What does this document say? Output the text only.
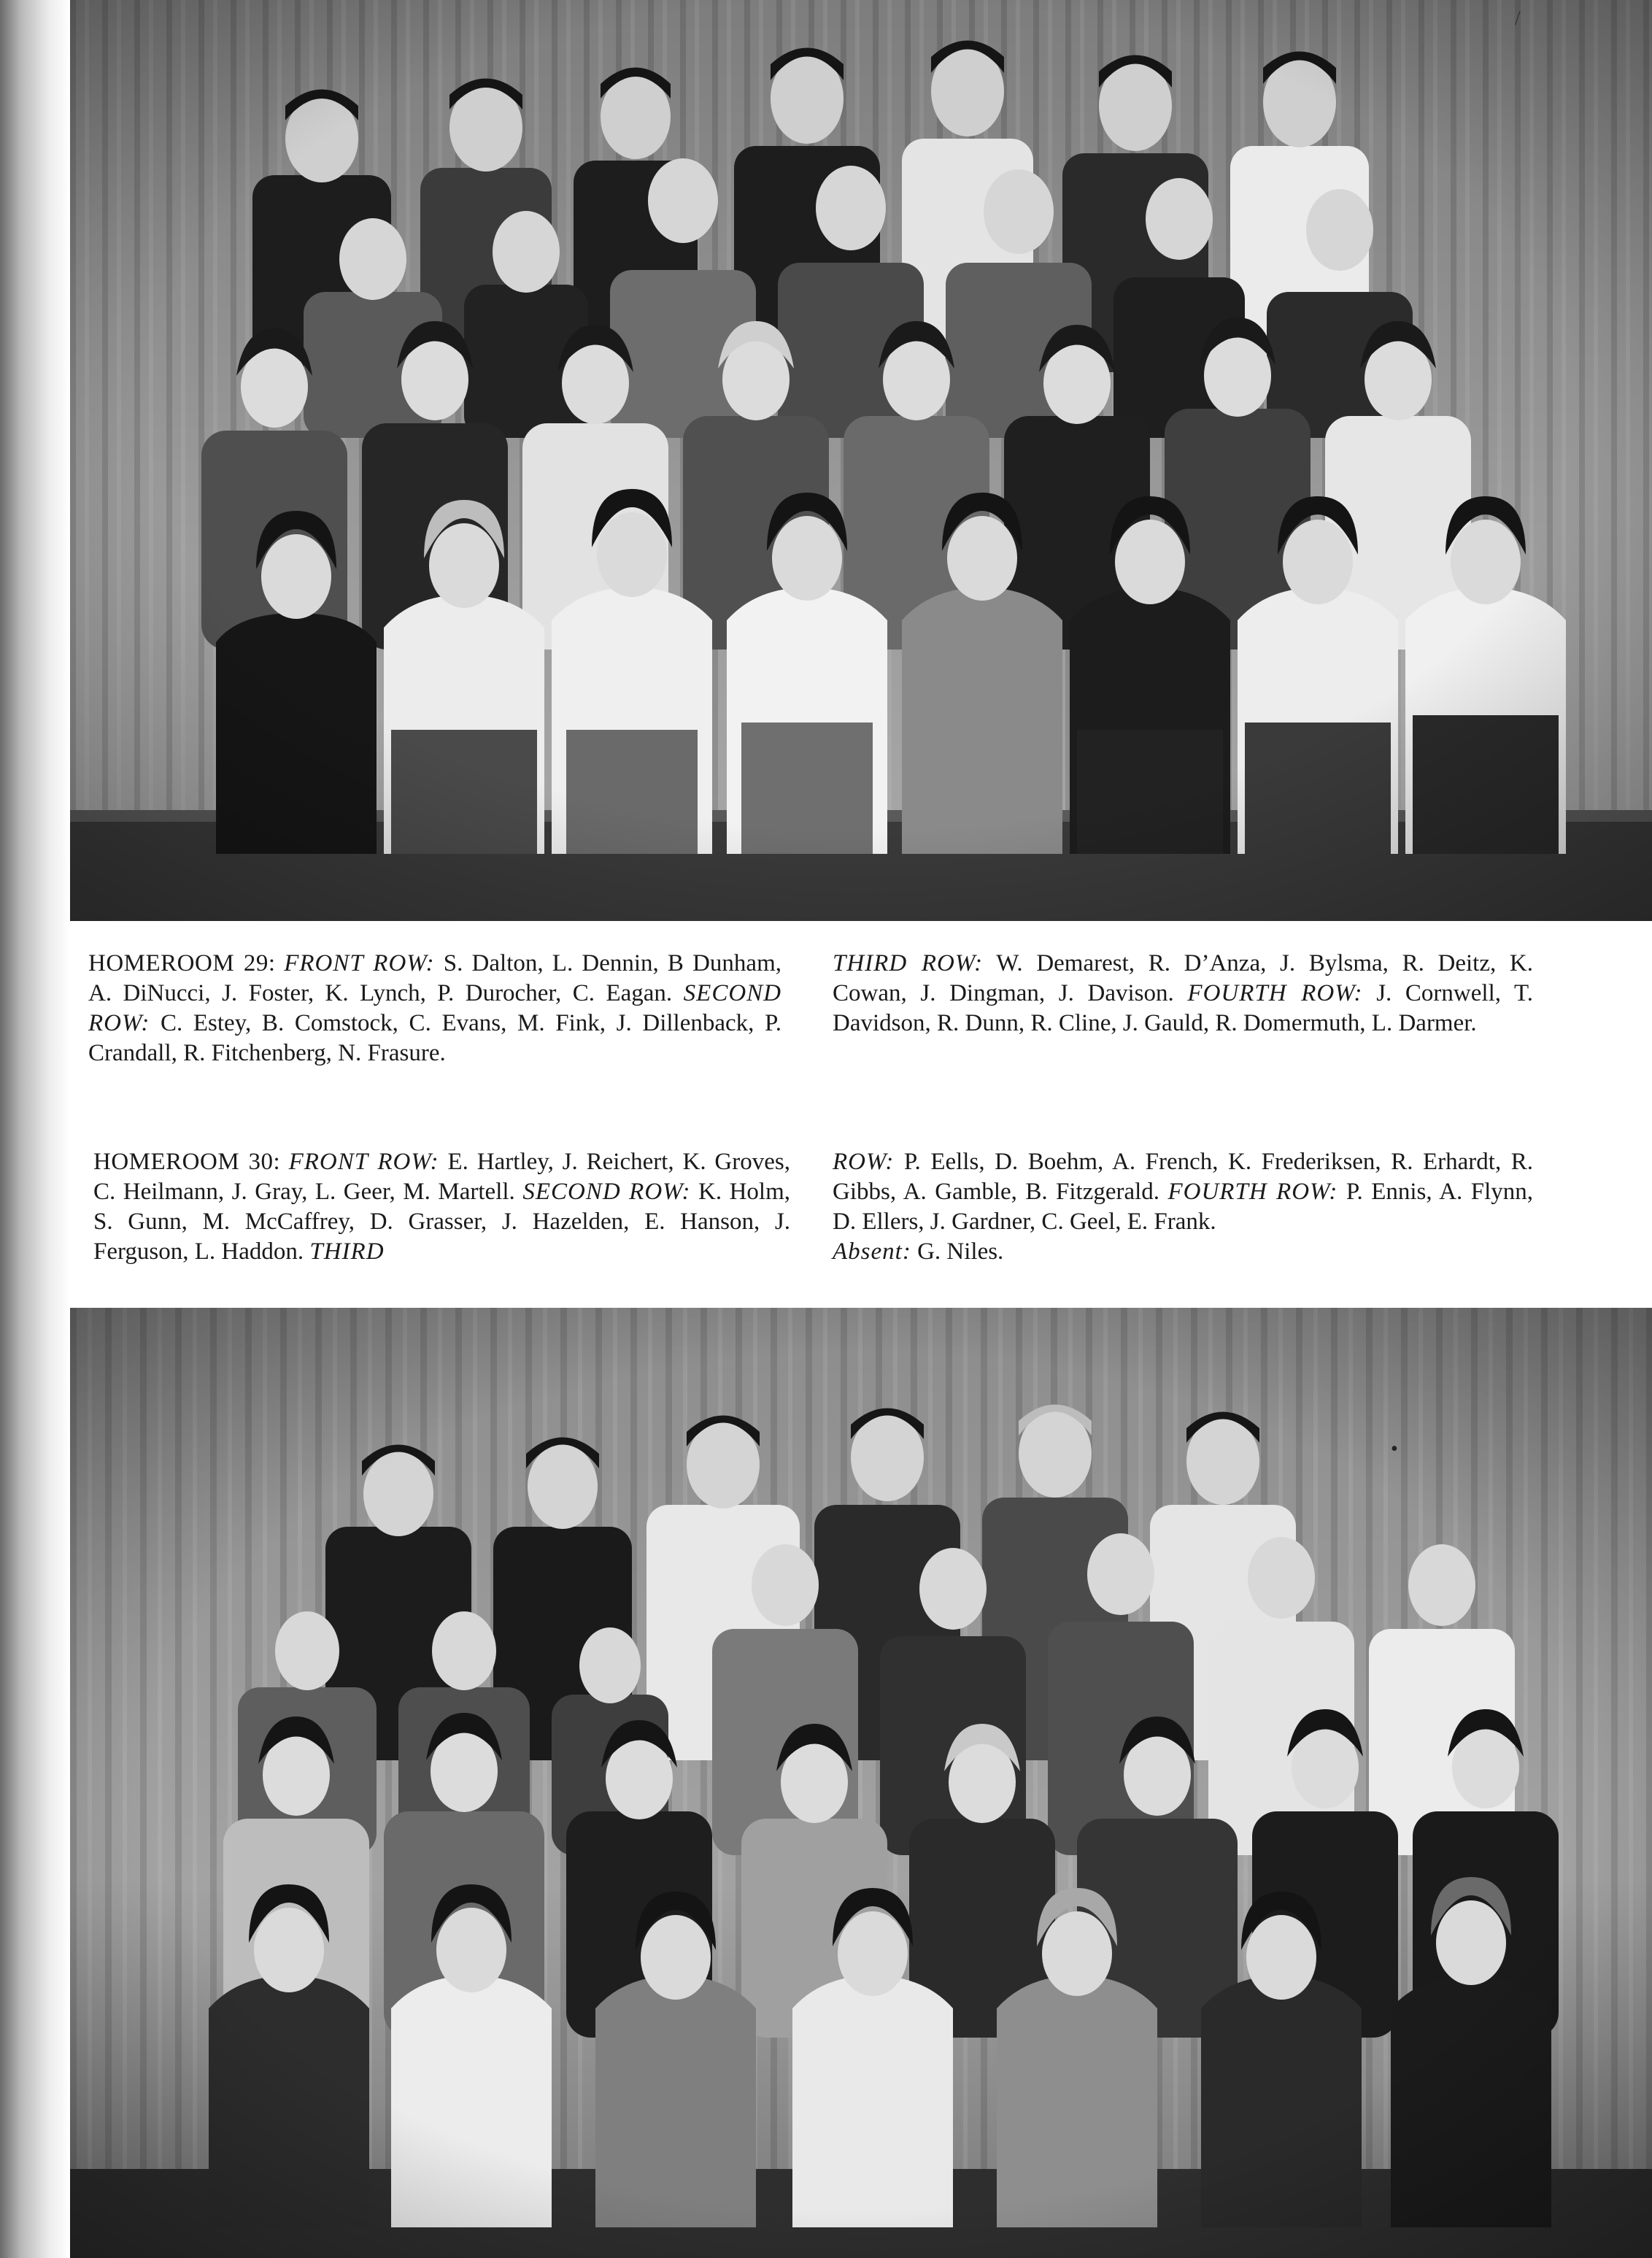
/
HOMEROOM 29: FRONT ROW: S. Dalton, L. Dennin, B Dunham, A. DiNucci, J. Foster, K. Lynch, P. Durocher, C. Eagan. SECOND ROW: C. Estey, B. Comstock, C. Evans, M. Fink, J. Dillenback, P. Crandall, R. Fitchenberg, N. Frasure.
THIRD ROW: W. Demarest, R. D’Anza, J. Bylsma, R. Deitz, K. Cowan, J. Dingman, J. Davison. FOURTH ROW: J. Cornwell, T. Davidson, R. Dunn, R. Cline, J. Gauld, R. Domermuth, L. Darmer.
HOMEROOM 30: FRONT ROW: E. Hartley, J. Reichert, K. Groves, C. Heilmann, J. Gray, L. Geer, M. Martell. SECOND ROW: K. Holm, S. Gunn, M. McCaffrey, D. Grasser, J. Hazelden, E. Hanson, J. Ferguson, L. Haddon. THIRD
ROW: P. Eells, D. Boehm, A. French, K. Frederiksen, R. Erhardt, R. Gibbs, A. Gamble, B. Fitzgerald. FOURTH ROW: P. Ennis, A. Flynn, D. Ellers, J. Gardner, C. Geel, E. Frank.
Absent: G. Niles.
•
